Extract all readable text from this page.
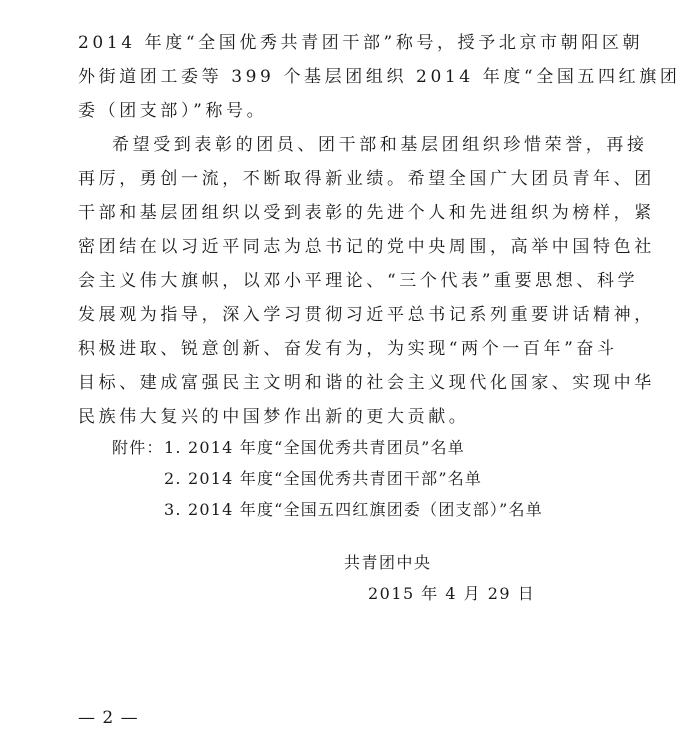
2014 年度“全国优秀共青团干部”称号，授予北京市朝阳区朝
外街道团工委等 399 个基层团组织 2014 年度“全国五四红旗团
委（团支部）”称号。
希望受到表彰的团员、团干部和基层团组织珍惜荣誉，再接
再厉，勇创一流，不断取得新业绩。希望全国广大团员青年、团
干部和基层团组织以受到表彰的先进个人和先进组织为榜样，紧
密团结在以习近平同志为总书记的党中央周围，高举中国特色社
会主义伟大旗帜，以邓小平理论、“三个代表”重要思想、科学
发展观为指导，深入学习贯彻习近平总书记系列重要讲话精神，
积极进取、锐意创新、奋发有为，为实现“两个一百年”奋斗
目标、建成富强民主文明和谐的社会主义现代化国家、实现中华
民族伟大复兴的中国梦作出新的更大贡献。
附件： 1. 2014 年度“全国优秀共青团员”名单
2. 2014 年度“全国优秀共青团干部”名单
3. 2014 年度“全国五四红旗团委（团支部）”名单
共青团中央
2015 年 4 月 29 日
— 2 —
